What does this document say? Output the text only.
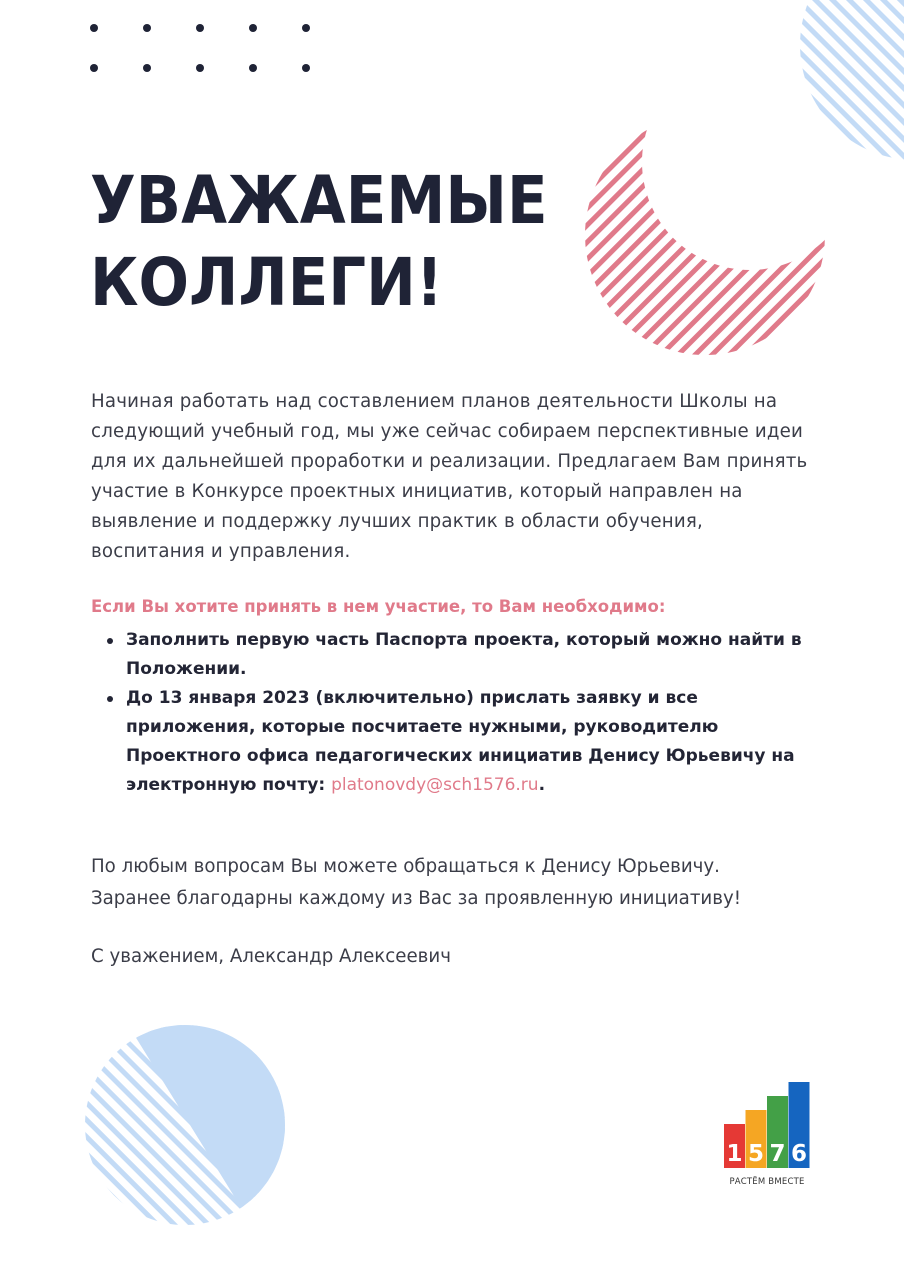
УВАЖАЕМЫЕ
КОЛЛЕГИ!

Начиная работать над составлением планов деятельности Школы на
следующий учебный год, мы уже сейчас собираем перспективные идеи
для их дальнейшей проработки и реализации. Предлагаем Вам принять
участие в Конкурсе проектных инициатив, который направлен на
выявление и поддержку лучших практик в области обучения,
воспитания и управления.

Если Вы хотите принять в нем участие, то Вам необходимо:

Заполнить первую часть Паспорта проекта, который можно найти в
Положении.
До 13 января 2023 (включительно) прислать заявку и все
приложения, которые посчитаете нужными, руководителю
Проектного офиса педагогических инициатив Денису Юрьевичу на
электронную почту: platonovdy@sch1576.ru.

По любым вопросам Вы можете обращаться к Денису Юрьевичу.
Заранее благодарны каждому из Вас за проявленную инициативу!

С уважением, Александр Алексеевич

1 5 7 6
РАСТЁМ ВМЕСТЕ
